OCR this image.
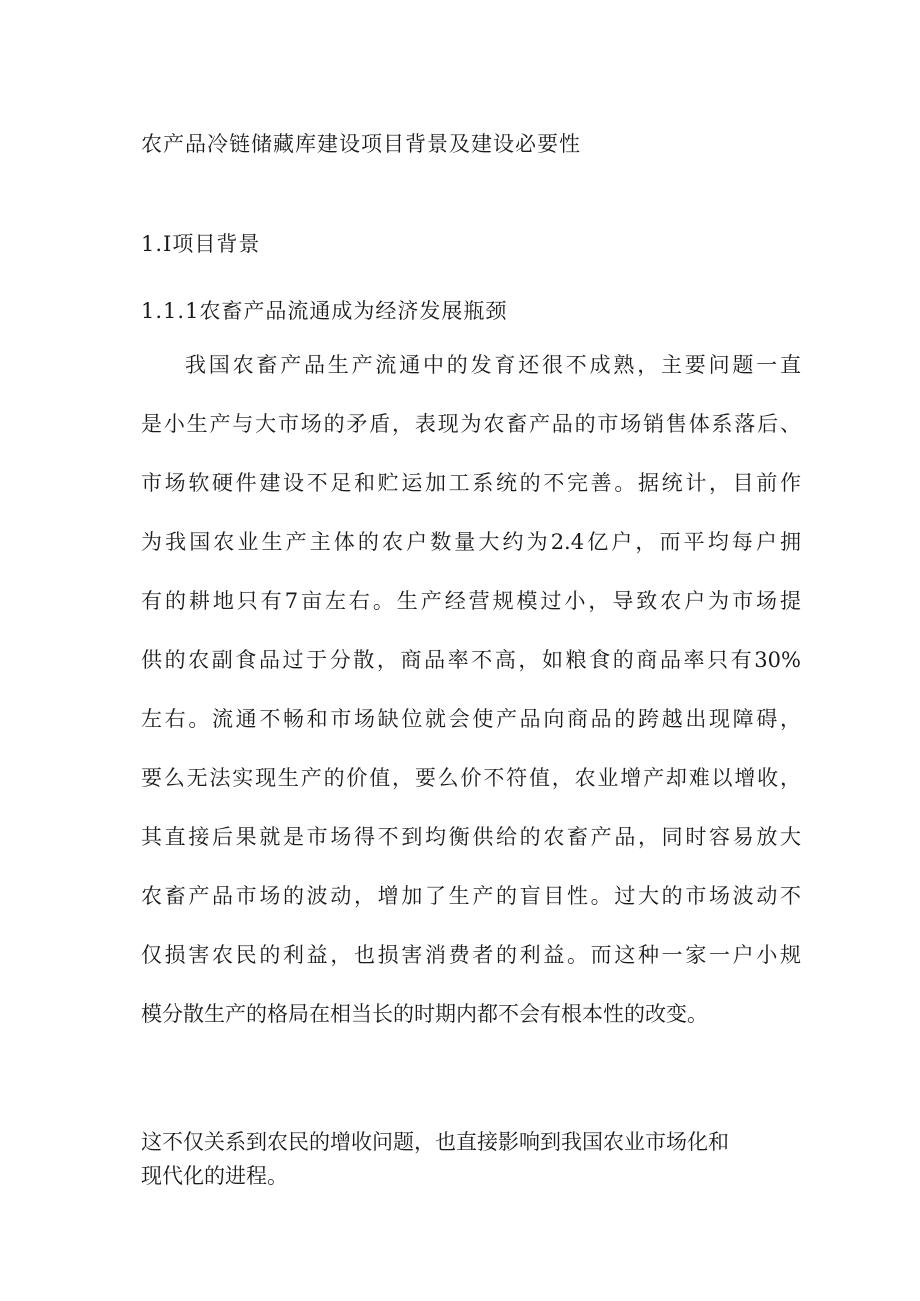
农产品冷链储藏库建设项目背景及建设必要性
1.I项目背景
1.1.1农畜产品流通成为经济发展瓶颈
我国农畜产品生产流通中的发育还很不成熟，主要问题一直
是小生产与大市场的矛盾，表现为农畜产品的市场销售体系落后、
市场软硬件建设不足和贮运加工系统的不完善。据统计，目前作
为我国农业生产主体的农户数量大约为2.4亿户，而平均每户拥
有的耕地只有7亩左右。生产经营规模过小，导致农户为市场提
供的农副食品过于分散，商品率不高，如粮食的商品率只有30%
左右。流通不畅和市场缺位就会使产品向商品的跨越出现障碍，
要么无法实现生产的价值，要么价不符值，农业增产却难以增收，
其直接后果就是市场得不到均衡供给的农畜产品，同时容易放大
农畜产品市场的波动，增加了生产的盲目性。过大的市场波动不
仅损害农民的利益，也损害消费者的利益。而这种一家一户小规
模分散生产的格局在相当长的时期内都不会有根本性的改变。
这不仅关系到农民的增收问题，也直接影响到我国农业市场化和
现代化的进程。
